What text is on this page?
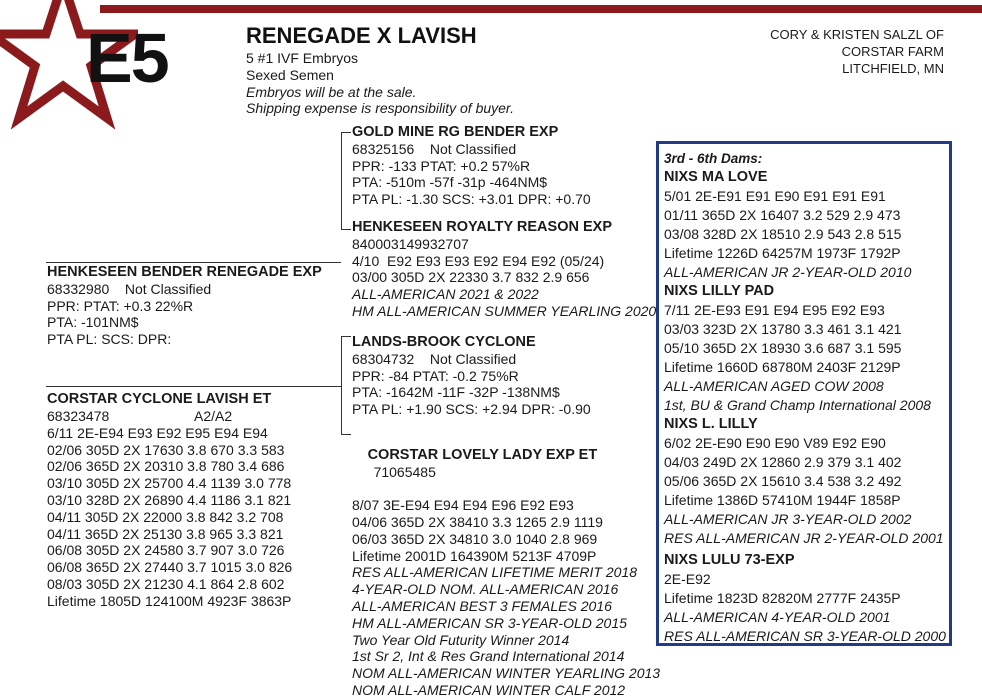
E5	RENEGADE X LAVISH
5 #1 IVF Embryos
Sexed Semen
Embryos will be at the sale.
Shipping expense is responsibility of buyer.
CORY & KRISTEN SALZL OF
CORSTAR FARM
LITCHFIELD, MN
HENKESEEN BENDER RENEGADE EXP
68332980    Not Classified
PPR: PTAT: +0.3 22%R
PTA: -101NM$
PTA PL: SCS: DPR:
CORSTAR CYCLONE LAVISH ET
68323478	A2/A2
6/11 2E-E94 E93 E92 E95 E94 E94
02/06 305D 2X 17630 3.8 670 3.3 583
02/06 365D 2X 20310 3.8 780 3.4 686
03/10 305D 2X 25700 4.4 1139 3.0 778
03/10 328D 2X 26890 4.4 1186 3.1 821
04/11 305D 2X 22000 3.8 842 3.2 708
04/11 365D 2X 25130 3.8 965 3.3 821
06/08 305D 2X 24580 3.7 907 3.0 726
06/08 365D 2X 27440 3.7 1015 3.0 826
08/03 305D 2X 21230 4.1 864 2.8 602
Lifetime 1805D 124100M 4923F 3863P
GOLD MINE RG BENDER EXP
68325156    Not Classified
PPR: -133 PTAT: +0.2 57%R
PTA: -510m -57f -31p -464NM$
PTA PL: -1.30 SCS: +3.01 DPR: +0.70
HENKESEEN ROYALTY REASON EXP
840003149932707
4/10  E92 E93 E93 E92 E94 E92 (05/24)
03/00 305D 2X 22330 3.7 832 2.9 656
ALL-AMERICAN 2021 & 2022
HM ALL-AMERICAN SUMMER YEARLING 2020
LANDS-BROOK CYCLONE
68304732    Not Classified
PPR: -84 PTAT: -0.2 75%R
PTA: -1642M -11F -32P -138NM$
PTA PL: +1.90 SCS: +2.94 DPR: -0.90

CORSTAR LOVELY LADY EXP ET
71065485

8/07 3E-E94 E94 E94 E96 E92 E93
04/06 365D 2X 38410 3.3 1265 2.9 1119
06/03 365D 2X 34810 3.0 1040 2.8 969
Lifetime 2001D 164390M 5213F 4709P
RES ALL-AMERICAN LIFETIME MERIT 2018
4-YEAR-OLD NOM. ALL-AMERICAN 2016
ALL-AMERICAN BEST 3 FEMALES 2016
HM ALL-AMERICAN SR 3-YEAR-OLD 2015
Two Year Old Futurity Winner 2014
1st Sr 2, Int & Res Grand International 2014
NOM ALL-AMERICAN WINTER YEARLING 2013
NOM ALL-AMERICAN WINTER CALF 2012
3rd - 6th Dams:
NIXS MA LOVE
5/01 2E-E91 E91 E90 E91 E91 E91
01/11 365D 2X 16407 3.2 529 2.9 473
03/08 328D 2X 18510 2.9 543 2.8 515
Lifetime 1226D 64257M 1973F 1792P
ALL-AMERICAN JR 2-YEAR-OLD 2010
NIXS LILLY PAD
7/11 2E-E93 E91 E94 E95 E92 E93
03/03 323D 2X 13780 3.3 461 3.1 421
05/10 365D 2X 18930 3.6 687 3.1 595
Lifetime 1660D 68780M 2403F 2129P
ALL-AMERICAN AGED COW 2008
1st, BU & Grand Champ International 2008
NIXS L. LILLY
6/02 2E-E90 E90 E90 V89 E92 E90
04/03 249D 2X 12860 2.9 379 3.1 402
05/06 365D 2X 15610 3.4 538 3.2 492
Lifetime 1386D 57410M 1944F 1858P
ALL-AMERICAN JR 3-YEAR-OLD 2002
RES ALL-AMERICAN JR 2-YEAR-OLD 2001
NIXS LULU 73-EXP
2E-E92
Lifetime 1823D 82820M 2777F 2435P
ALL-AMERICAN 4-YEAR-OLD 2001
RES ALL-AMERICAN SR 3-YEAR-OLD 2000
